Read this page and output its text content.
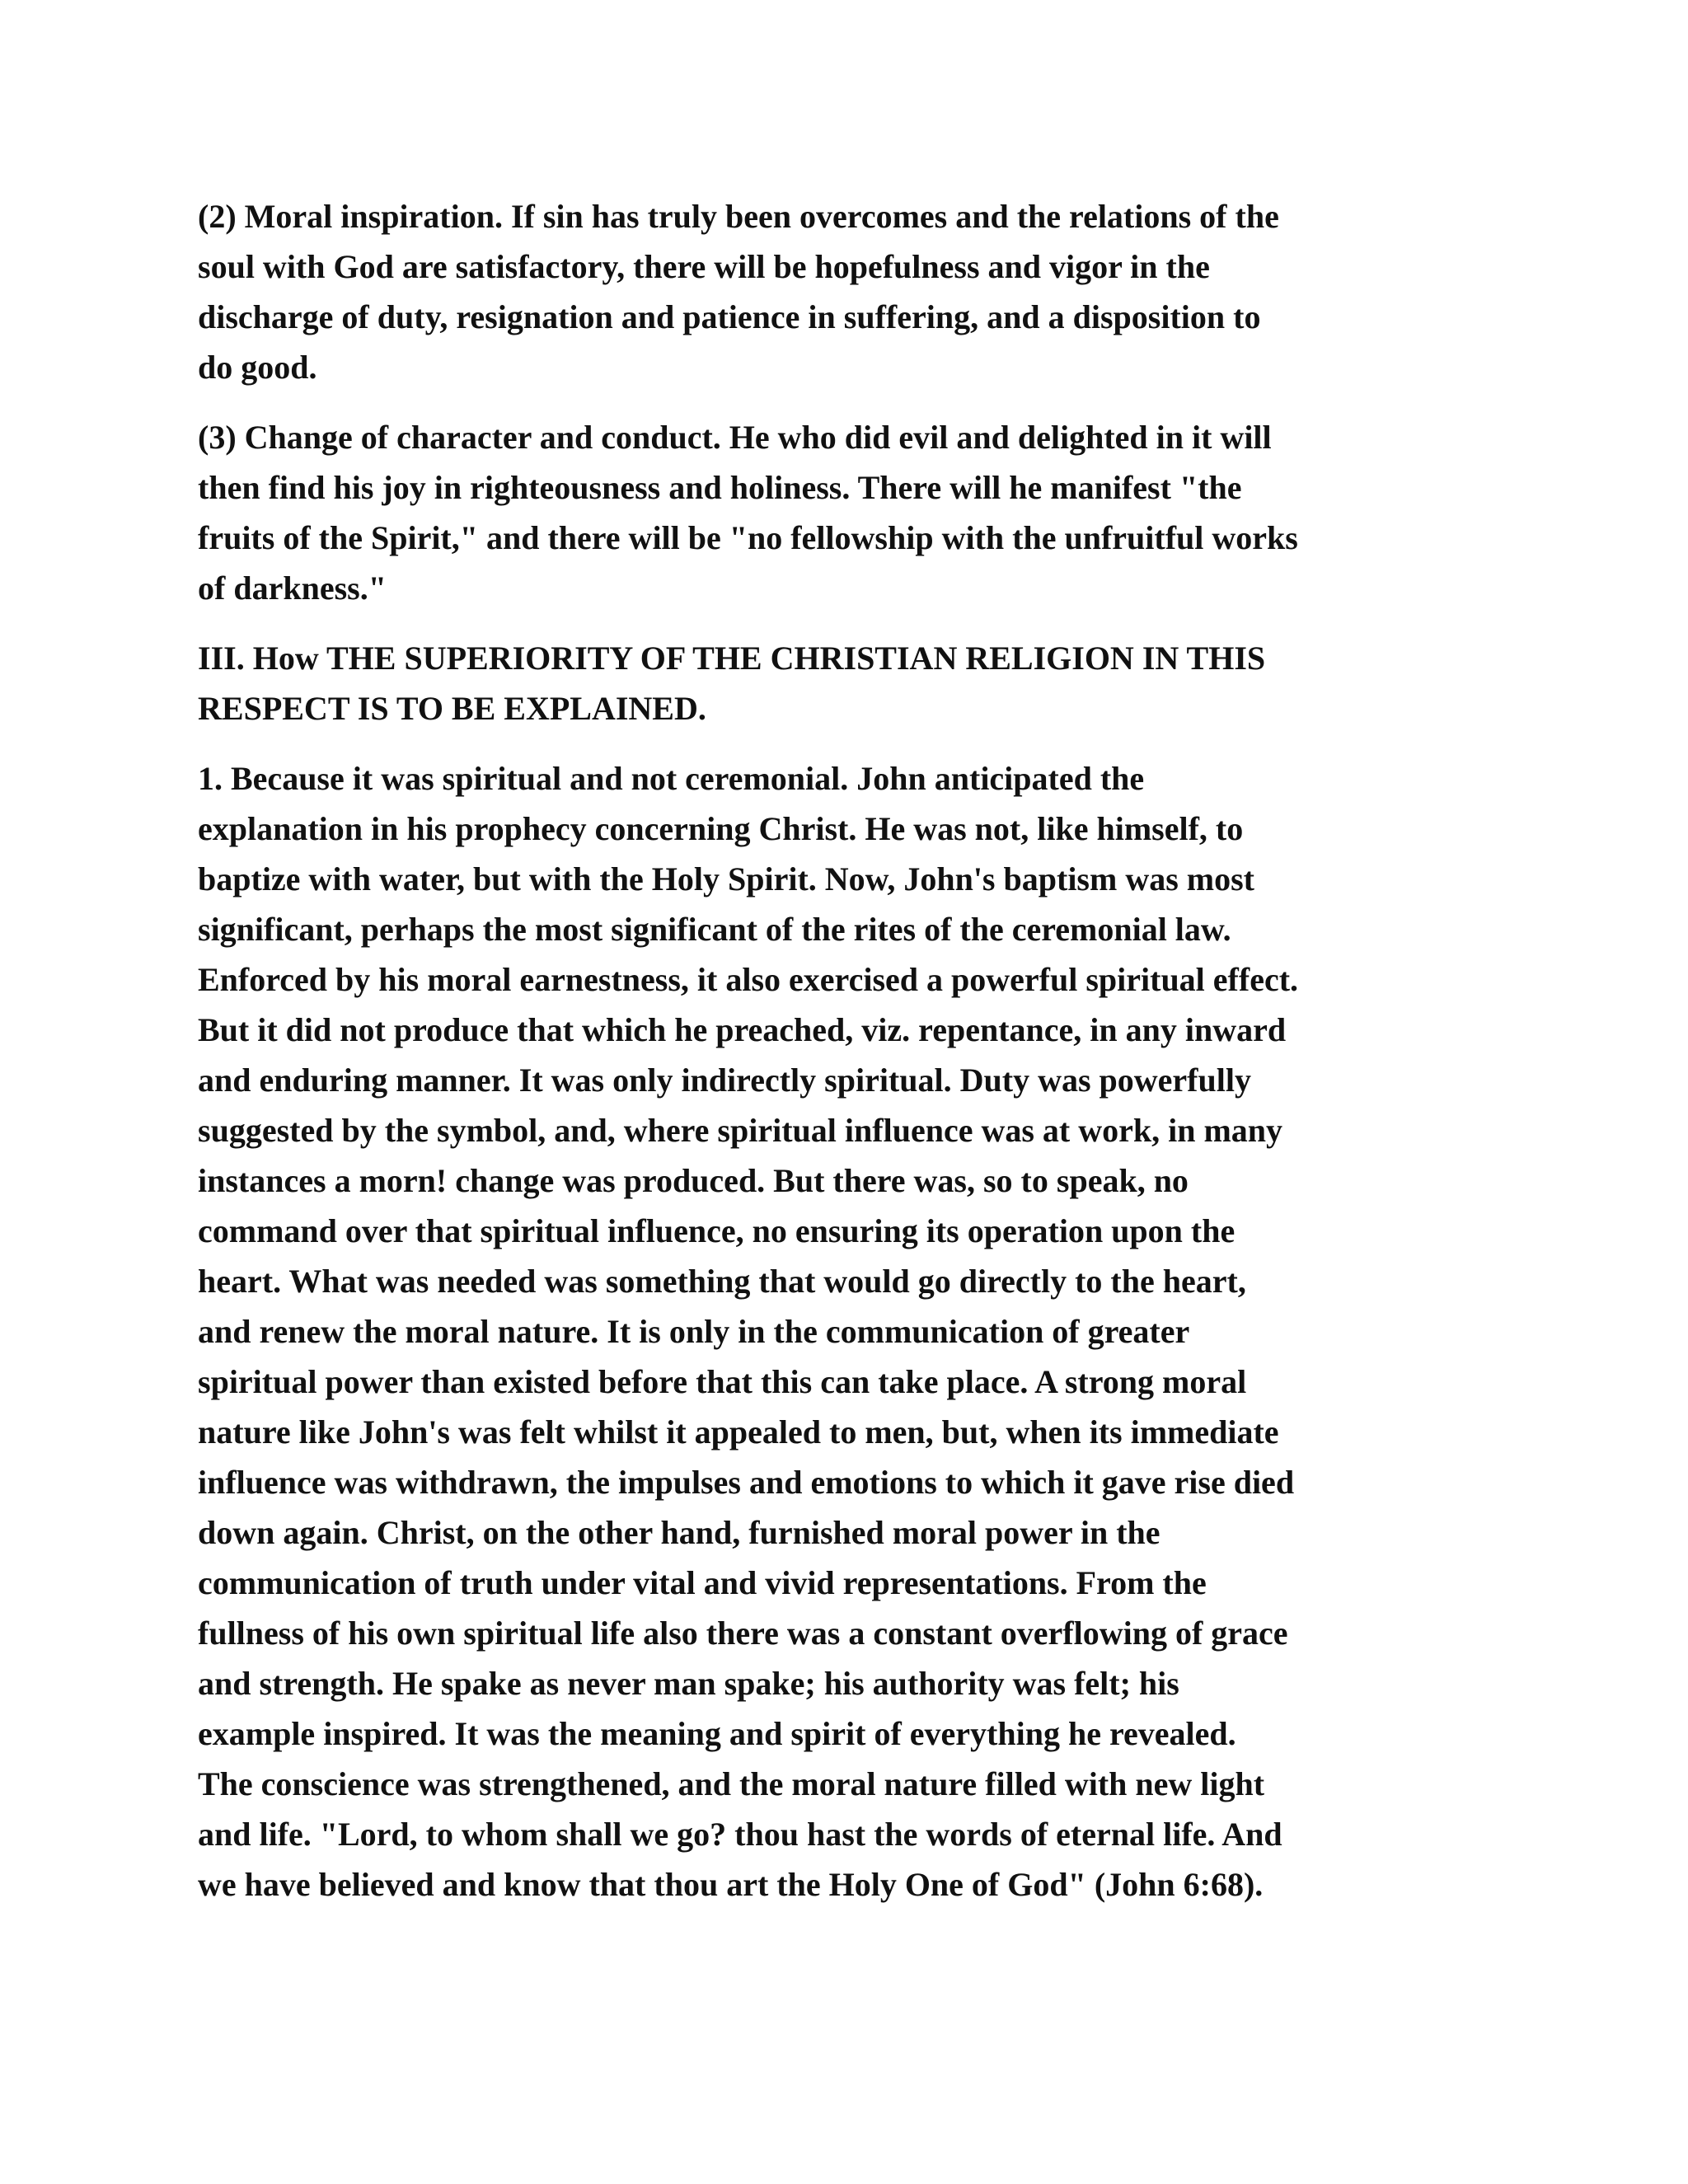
(2) Moral inspiration. If sin has truly been overcomes and the relations of the
soul with God are satisfactory, there will be hopefulness and vigor in the
discharge of duty, resignation and patience in suffering, and a disposition to
do good.

(3) Change of character and conduct. He who did evil and delighted in it will
then find his joy in righteousness and holiness. There will he manifest "the
fruits of the Spirit," and there will be "no fellowship with the unfruitful works
of darkness."

III. How THE SUPERIORITY OF THE CHRISTIAN RELIGION IN THIS
RESPECT IS TO BE EXPLAINED.

1. Because it was spiritual and not ceremonial. John anticipated the
explanation in his prophecy concerning Christ. He was not, like himself, to
baptize with water, but with the Holy Spirit. Now, John's baptism was most
significant, perhaps the most significant of the rites of the ceremonial law.
Enforced by his moral earnestness, it also exercised a powerful spiritual effect.
But it did not produce that which he preached, viz. repentance, in any inward
and enduring manner. It was only indirectly spiritual. Duty was powerfully
suggested by the symbol, and, where spiritual influence was at work, in many
instances a morn! change was produced. But there was, so to speak, no
command over that spiritual influence, no ensuring its operation upon the
heart. What was needed was something that would go directly to the heart,
and renew the moral nature. It is only in the communication of greater
spiritual power than existed before that this can take place. A strong moral
nature like John's was felt whilst it appealed to men, but, when its immediate
influence was withdrawn, the impulses and emotions to which it gave rise died
down again. Christ, on the other hand, furnished moral power in the
communication of truth under vital and vivid representations. From the
fullness of his own spiritual life also there was a constant overflowing of grace
and strength. He spake as never man spake; his authority was felt; his
example inspired. It was the meaning and spirit of everything he revealed.
The conscience was strengthened, and the moral nature filled with new light
and life. "Lord, to whom shall we go? thou hast the words of eternal life. And
we have believed and know that thou art the Holy One of God" (John 6:68).
